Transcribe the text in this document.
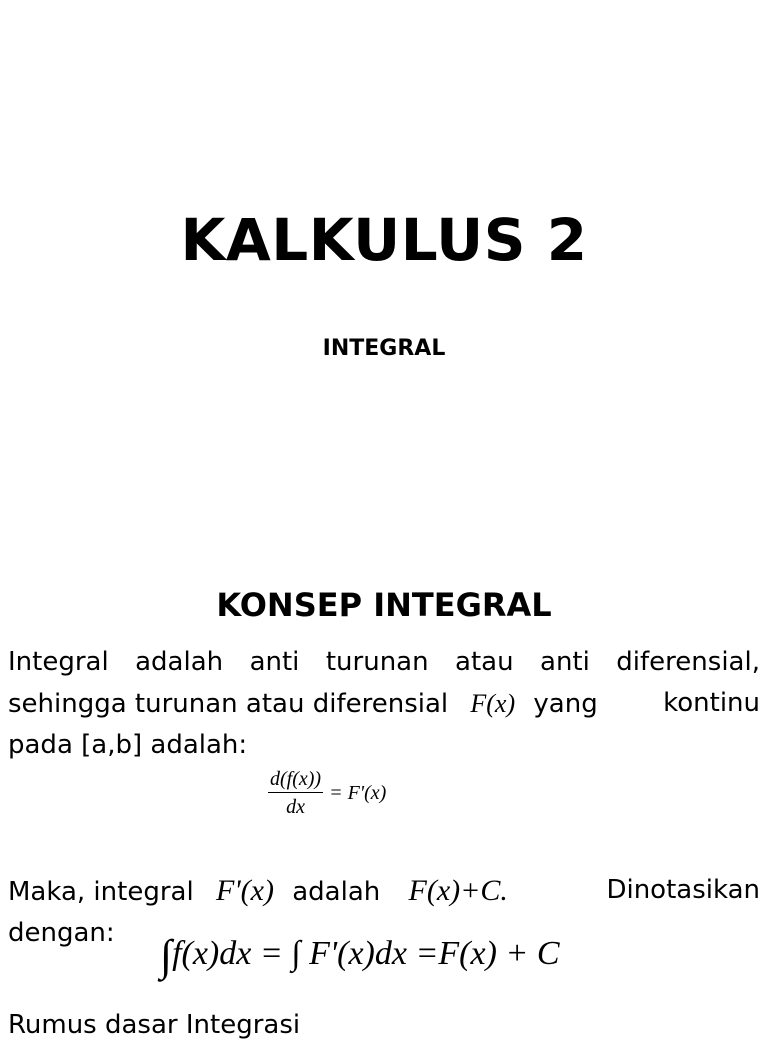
KALKULUS 2
INTEGRAL
KONSEP INTEGRAL
Integral adalah anti turunan atau anti diferensial,
sehingga turunan atau diferensial F(x) yang	kontinu
pada [a,b] adalah:
$\frac{d(f(x))}{dx} = F'(x)$
Maka, integral F'(x) adalah F(x)+C.	Dinotasikan
dengan:	∫f(x)dx = ∫ F'(x)dx =F(x) + C
Rumus dasar Integrasi
